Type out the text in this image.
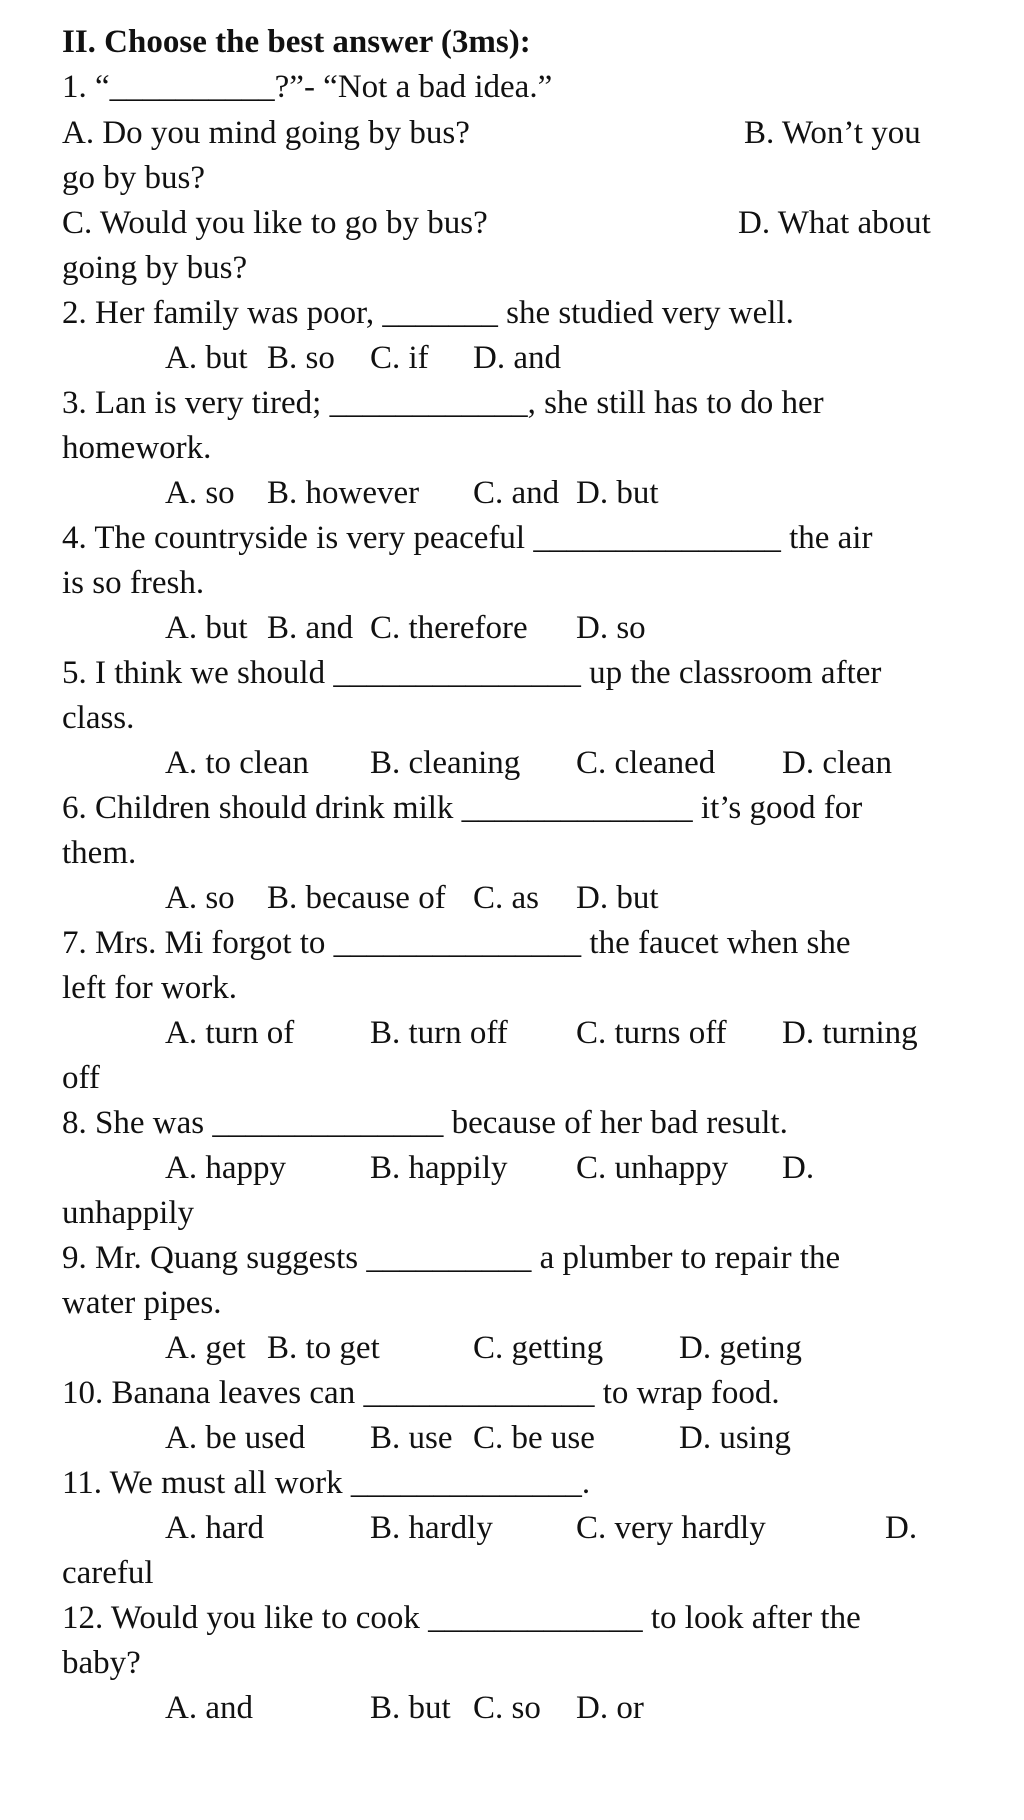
II. Choose the best answer (3ms):
1. “__________?”- “Not a bad idea.”
A. Do you mind going by bus?	B. Won’t you
go by bus?
C. Would you like to go by bus?	D. What about
going by bus?
2. Her family was poor, _______ she studied very well.
A. but B. so C. if D. and
3. Lan is very tired; ____________, she still has to do her
homework.
A. so B. however C. and D. but
4. The countryside is very peaceful _______________ the air
is so fresh.
A. but B. and C. therefore D. so
5. I think we should _______________ up the classroom after
class.
A. to clean B. cleaning C. cleaned D. clean
6. Children should drink milk ______________ it’s good for
them.
A. so B. because of C. as D. but
7. Mrs. Mi forgot to _______________ the faucet when she
left for work.
A. turn of B. turn off C. turns off D. turning
off
8. She was ______________ because of her bad result.
A. happy	B. happily C. unhappy D.
unhappily
9. Mr. Quang suggests __________ a plumber to repair the
water pipes.
A. get B. to get	C. getting D. geting
10. Banana leaves can ______________ to wrap food.
A. be used B. use C. be use	D. using
11. We must all work ______________.
A. hard	B. hardly	C. very hardly	D.
careful
12. Would you like to cook _____________ to look after the
baby?
A. and	B. but C. so D. or
